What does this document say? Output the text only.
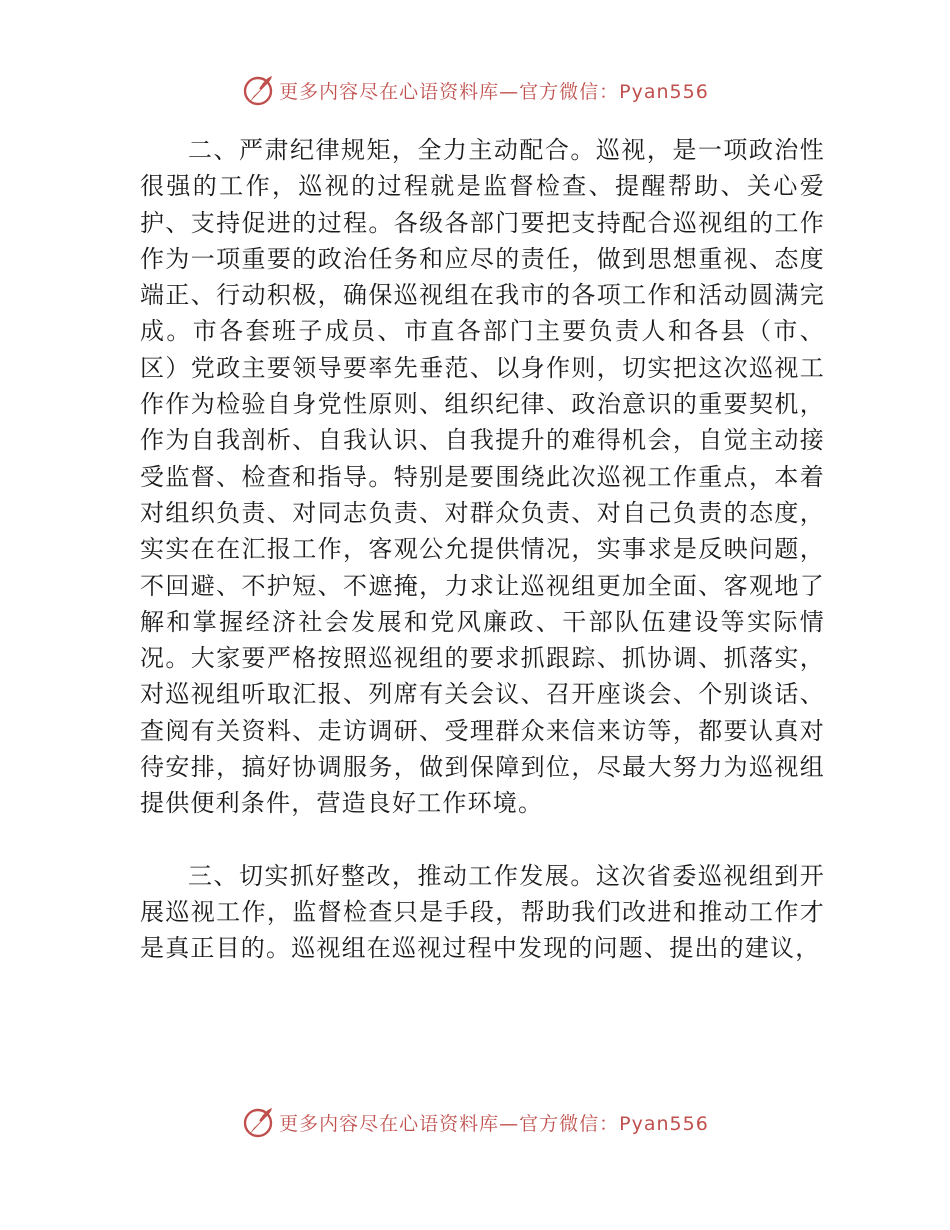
更多内容尽在心语资料库—官方微信：Pyan556

二、严肃纪律规矩，全力主动配合。巡视，是一项政治性很强的工作，巡视的过程就是监督检查、提醒帮助、关心爱护、支持促进的过程。各级各部门要把支持配合巡视组的工作作为一项重要的政治任务和应尽的责任，做到思想重视、态度端正、行动积极，确保巡视组在我市的各项工作和活动圆满完成。市各套班子成员、市直各部门主要负责人和各县（市、区）党政主要领导要率先垂范、以身作则，切实把这次巡视工作作为检验自身党性原则、组织纪律、政治意识的重要契机，作为自我剖析、自我认识、自我提升的难得机会，自觉主动接受监督、检查和指导。特别是要围绕此次巡视工作重点，本着对组织负责、对同志负责、对群众负责、对自己负责的态度，实实在在汇报工作，客观公允提供情况，实事求是反映问题，不回避、不护短、不遮掩，力求让巡视组更加全面、客观地了解和掌握经济社会发展和党风廉政、干部队伍建设等实际情况。大家要严格按照巡视组的要求抓跟踪、抓协调、抓落实，对巡视组听取汇报、列席有关会议、召开座谈会、个别谈话、查阅有关资料、走访调研、受理群众来信来访等，都要认真对待安排，搞好协调服务，做到保障到位，尽最大努力为巡视组提供便利条件，营造良好工作环境。

三、切实抓好整改，推动工作发展。这次省委巡视组到开展巡视工作，监督检查只是手段，帮助我们改进和推动工作才是真正目的。巡视组在巡视过程中发现的问题、提出的建议，

更多内容尽在心语资料库—官方微信：Pyan556
